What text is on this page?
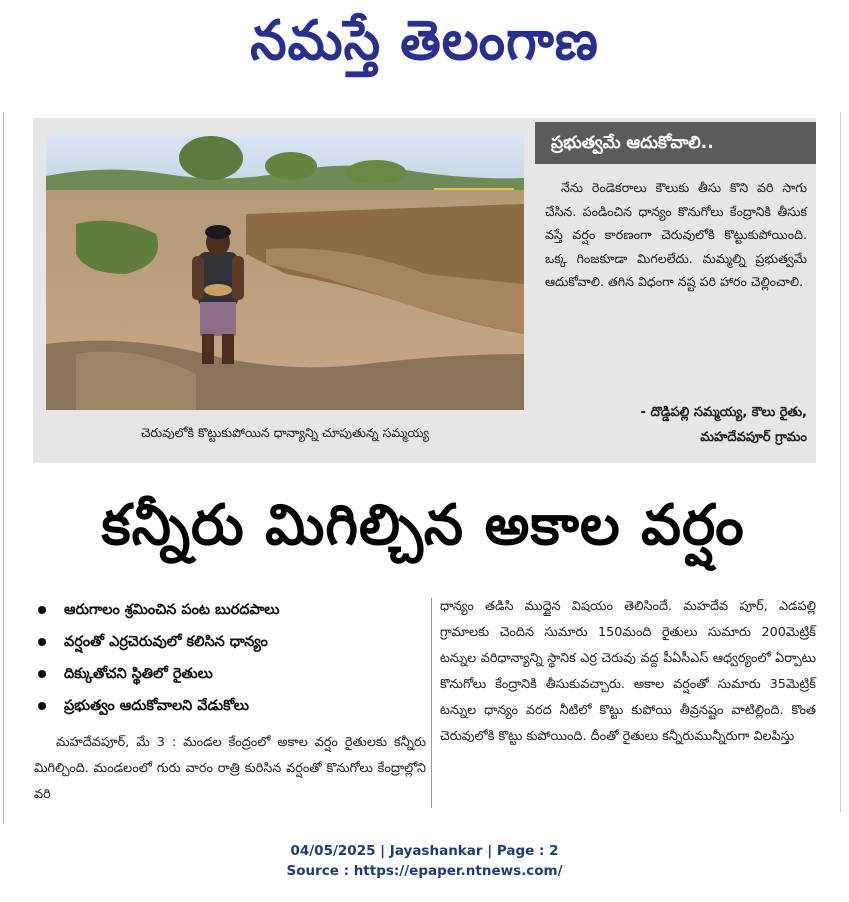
నమస్తే తెలంగాణ
చెరువులోకి కొట్టుకుపోయిన ధాన్యాన్ని చూపుతున్న సమ్మయ్య
ప్రభుత్వమే ఆదుకోవాలి..

నేను రెండెకరాలు కౌలుకు తీసు కొని వరి సాగు చేసిన. పండించిన ధాన్యం కొనుగోలు కేంద్రానికి తీసుక వస్తే వర్షం కారణంగా చెరువులోకి కొట్టుకుపోయింది. ఒక్క గింజకూడా మిగలలేదు. మమ్మల్ని ప్రభుత్వమే ఆదుకోవాలి. తగిన విధంగా నష్ట పరి హారం చెల్లించాలి.

- దొడ్డిపల్లి సమ్మయ్య, కౌలు రైతు,
మహదేవపూర్ గ్రామం
కన్నీరు మిగిల్చిన అకాల వర్షం
ఆరుగాలం శ్రమించిన పంట బురదపాలు
వర్షంతో ఎర్రచెరువులో కలిసిన ధాన్యం
దిక్కుతోచని స్థితిలో రైతులు
ప్రభుత్వం ఆదుకోవాలని వేడుకోలు

మహదేవపూర్, మే 3 : మండల కేంద్రంలో అకాల వర్షం రైతులకు కన్నీరు మిగిల్చింది. మండలంలో గురు వారం రాత్రి కురిసిన వర్షంతో కొనుగోలు కేంద్రాల్లోని వరి

ధాన్యం తడిసి ముద్దైన విషయం తెలిసిందే. మహదేవ పూర్, ఎడపల్లి గ్రామాలకు చెందిన సుమారు 150మంది రైతులు సుమారు 200మెట్రిక్ టన్నుల వరిధాన్యాన్ని స్థానిక ఎర్ర చెరువు వద్ద పీఏసీఎస్ ఆధ్వర్యంలో ఏర్పాటు కొనుగోలు కేంద్రానికి తీసుకువచ్చారు. అకాల వర్షంతో సుమారు 35మెట్రిక్ టన్నుల ధాన్యం వరద నీటిలో కొట్టు కుపోయి తీవ్రనష్టం వాటిల్లింది. కొంత చెరువులోకి కొట్టు కుపోయింది. దీంతో రైతులు కన్నీరుమున్నీరుగా విలపిస్తు

04/05/2025 | Jayashankar | Page : 2
Source : https://epaper.ntnews.com/
